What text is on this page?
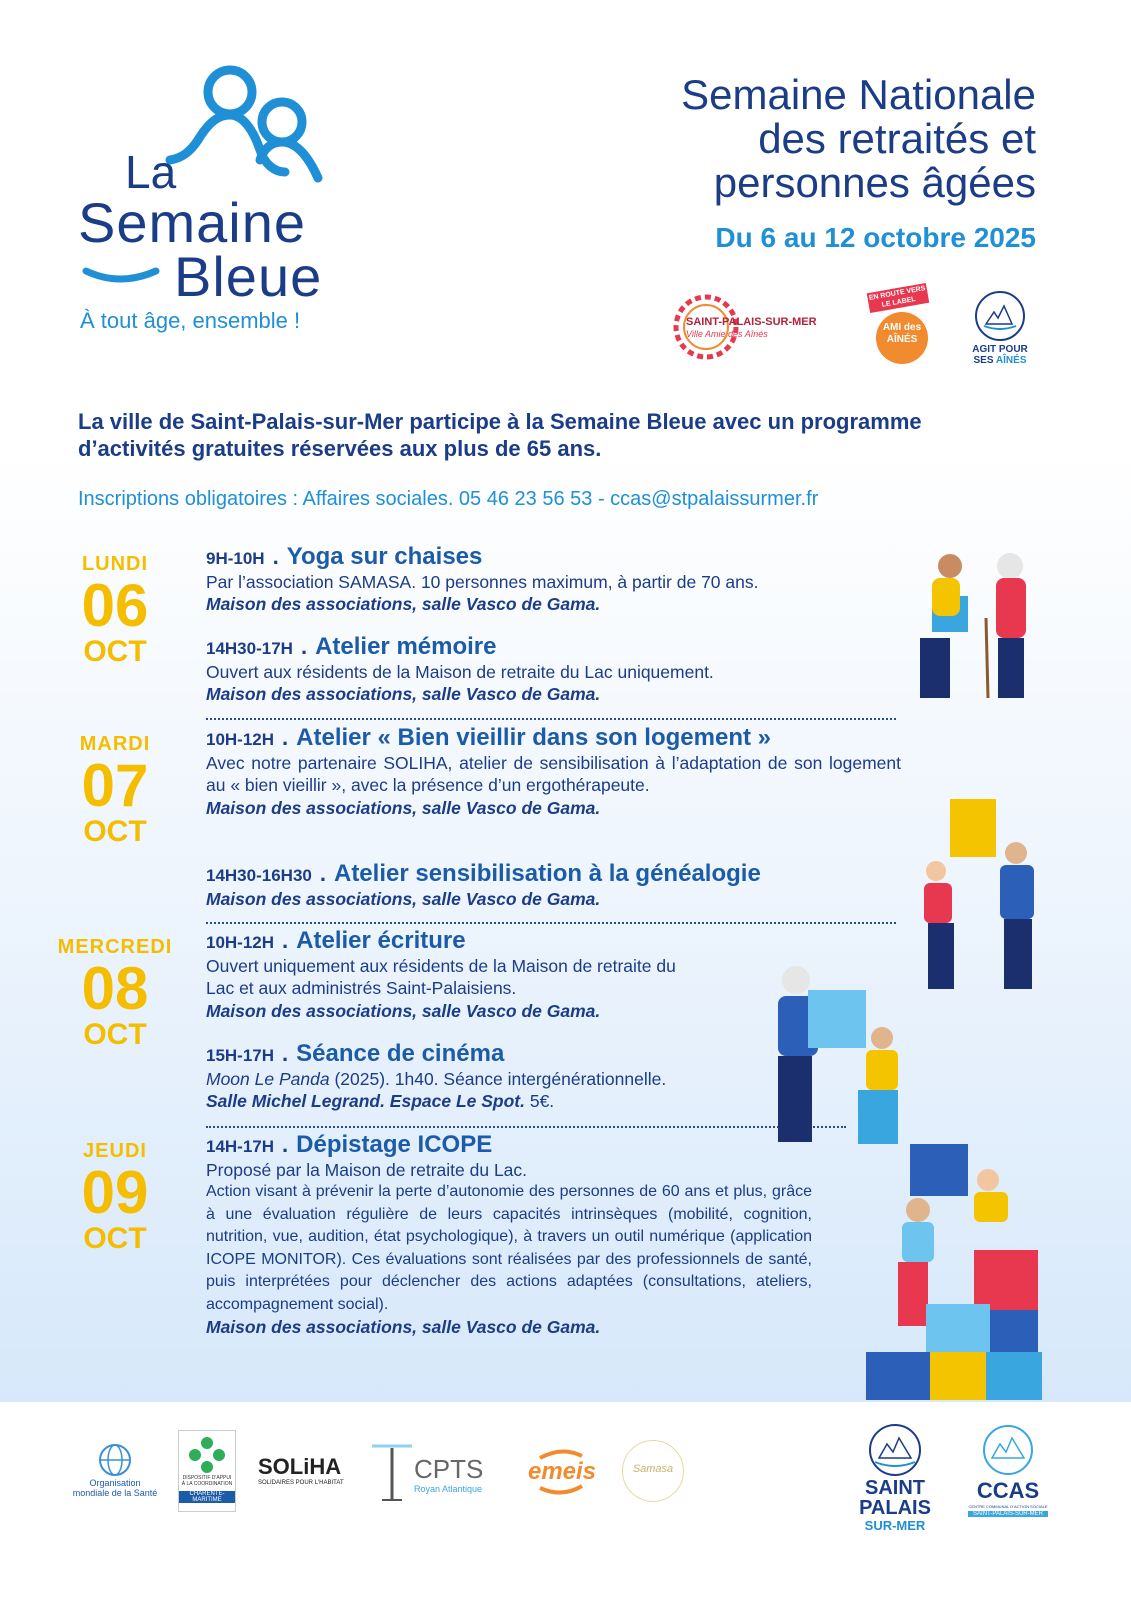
La
Semaine
Bleue
À tout âge, ensemble !
Semaine Nationale
des retraités et
personnes âgées
Du 6 au 12 octobre 2025
SAINT-PALAIS-SUR-MER
Ville Amie des Aînés
EN ROUTE VERS LE LABEL
AMI des AÎNÉS
AGIT POUR
SES AÎNÉS
La ville de Saint-Palais-sur-Mer participe à la Semaine Bleue avec un programme d’activités gratuites réservées aux plus de 65 ans.
Inscriptions obligatoires : Affaires sociales. 05 46 23 56 53 - ccas@stpalaissurmer.fr
LUNDI
06
OCT
MARDI
07
OCT
MERCREDI
08
OCT
JEUDI
09
OCT
9H-10H . Yoga sur chaises
Par l’association SAMASA. 10 personnes maximum, à partir de 70 ans.
Maison des associations, salle Vasco de Gama.
14H30-17H . Atelier mémoire
Ouvert aux résidents de la Maison de retraite du Lac uniquement.
Maison des associations, salle Vasco de Gama.
10H-12H . Atelier « Bien vieillir dans son logement »
Avec notre partenaire SOLIHA, atelier de sensibilisation à l’adaptation de son logement au « bien vieillir », avec la présence d’un ergothérapeute.
Maison des associations, salle Vasco de Gama.
14H30-16H30 . Atelier sensibilisation à la généalogie
Maison des associations, salle Vasco de Gama.
10H-12H . Atelier écriture
Ouvert uniquement aux résidents de la Maison de retraite du Lac et aux administrés Saint-Palaisiens.
Maison des associations, salle Vasco de Gama.
15H-17H . Séance de cinéma
Moon Le Panda (2025). 1h40. Séance intergénérationnelle.
Salle Michel Legrand. Espace Le Spot. 5€.
14H-17H . Dépistage ICOPE
Proposé par la Maison de retraite du Lac.
Action visant à prévenir la perte d’autonomie des personnes de 60 ans et plus, grâce à une évaluation régulière de leurs capacités intrinsèques (mobilité, cognition, nutrition, vue, audition, état psychologique), à travers un outil numérique (application ICOPE MONITOR). Ces évaluations sont réalisées par des professionnels de santé, puis interprétées pour déclencher des actions adaptées (consultations, ateliers, accompagnement social).
Maison des associations, salle Vasco de Gama.
Organisation
mondiale de la Santé
DISPOSITIF D'APPUI
À LA COORDINATION
CHARENTE-MARITIME
SOLiHA
SOLIDAIRES POUR L'HABITAT	CPTS
Royan Atlantique
emeis	Samasa
SAINT
PALAIS
SUR-MER
CCAS
CENTRE COMMUNAL D'ACTION SOCIALE
SAINT-PALAIS-SUR-MER
